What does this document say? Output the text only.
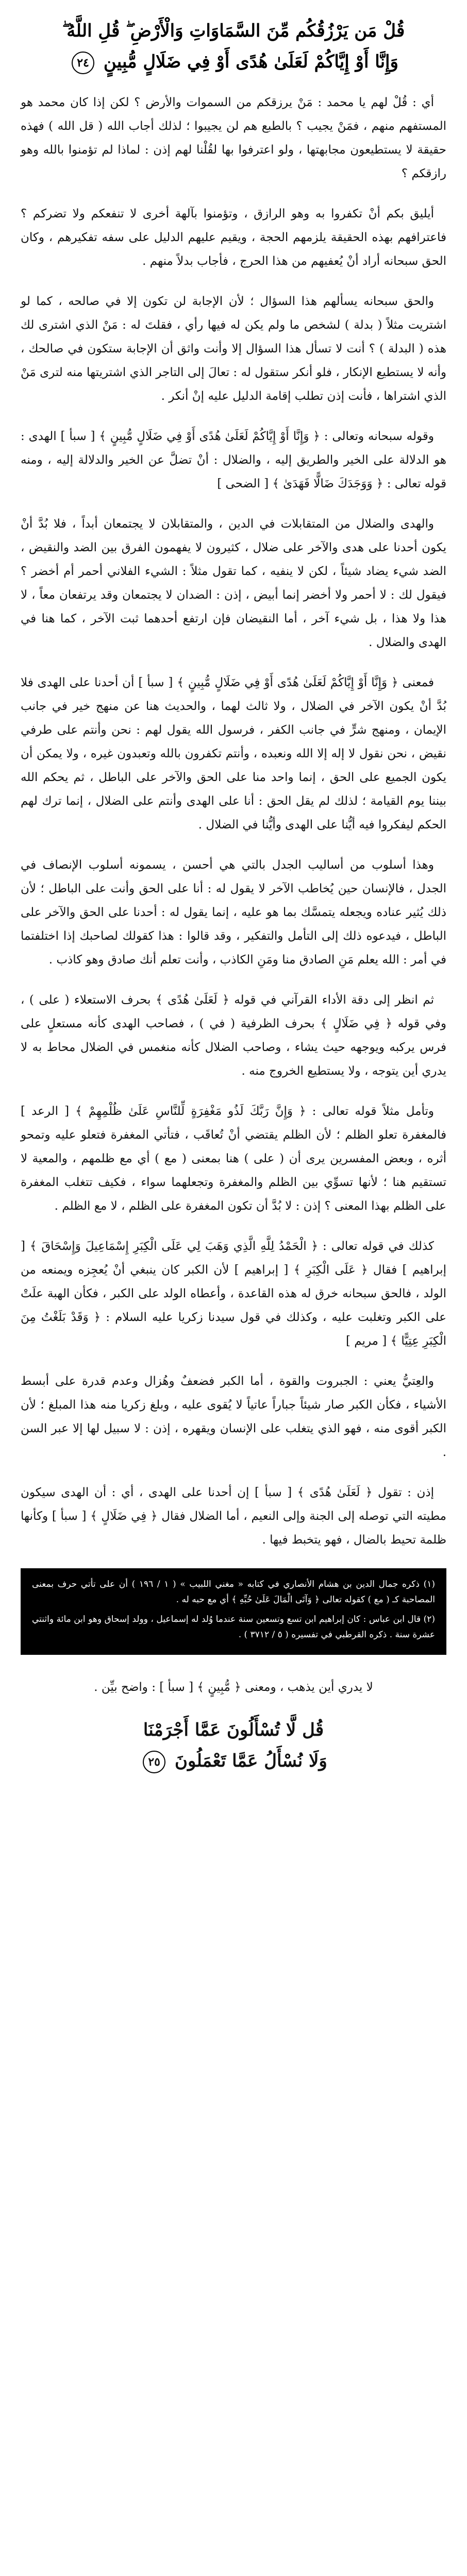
قُلْ مَن يَرْزُقُكُم مِّنَ السَّمَاوَاتِ وَالْأَرْضِ ۖ قُلِ اللَّهُ ۖ
وَإِنَّا أَوْ إِيَّاكُمْ لَعَلَىٰ هُدًى أَوْ فِي ضَلَالٍ مُّبِينٍ ٢٤

أي : قُلْ لهم يا محمد : مَنْ يرزقكم من السموات والأرض ؟ لكن إذا كان محمد هو المستفهم منهم ، فمَنْ يجيب ؟ بالطبع هم لن يجيبوا ؛ لذلك أجاب الله ( قل الله ) فهذه حقيقة لا يستطيعون مجابهتها ، ولو اعترفوا بها لقُلْنا لهم إذن : لماذا لم تؤمنوا بالله وهو رازقكم ؟

أيليق بكم أنْ تكفروا به وهو الرازق ، وتؤمنوا بآلهة أخرى لا تنفعكم ولا تضركم ؟ فاعترافهم بهذه الحقيقة يلزمهم الحجة ، ويقيم عليهم الدليل على سفه تفكيرهم ، وكان الحق سبحانه أراد أنْ يُعفيهم من هذا الحرج ، فأجاب بدلاً منهم .

والحق سبحانه يسألهم هذا السؤال ؛ لأن الإجابة لن تكون إلا في صالحه ، كما لو اشتريت مثلاً ( بدلة ) لشخص ما ولم يكن له فيها رأي ، فقلتَ له : مَنْ الذي اشترى لك هذه ( البدلة ) ؟ أنت لا تسأل هذا السؤال إلا وأنت واثق أن الإجابة ستكون في صالحك ، وأنه لا يستطيع الإنكار ، فلو أنكر ستقول له : تعالَ إلى التاجر الذي اشتريتها منه لترى مَنْ الذي اشتراها ، فأنت إذن تطلب إقامة الدليل عليه إنْ أنكر .

وقوله سبحانه وتعالى : ﴿ وَإِنَّا أَوْ إِيَّاكُمْ لَعَلَىٰ هُدًى أَوْ فِي ضَلَالٍ مُّبِينٍ ﴾ [ سبأ ] الهدى : هو الدلالة على الخير والطريق إليه ، والضلال : أنْ تضلَّ عن الخير والدلالة إليه ، ومنه قوله تعالى : ﴿ وَوَجَدَكَ ضَالًّا فَهَدَىٰ ﴾ [ الضحى ]

والهدى والضلال من المتقابلات في الدين ، والمتقابلان لا يجتمعان أبداً ، فلا بُدَّ أنْ يكون أحدنا على هدى والآخر على ضلال ، كثيرون لا يفهمون الفرق بين الضد والنقيض ، الضد شيء يضاد شيئاً ، لكن لا ينفيه ، كما تقول مثلاً : الشيء الفلاني أحمر أم أخضر ؟ فيقول لك : لا أحمر ولا أخضر إنما أبيض ، إذن : الضدان لا يجتمعان وقد يرتفعان معاً ، لا هذا ولا هذا ، بل شيء آخر ، أما النقيضان فإن ارتفع أحدهما ثبت الآخر ، كما هنا في الهدى والضلال .

فمعنى ﴿ وَإِنَّا أَوْ إِيَّاكُمْ لَعَلَىٰ هُدًى أَوْ فِي ضَلَالٍ مُّبِينٍ ﴾ [ سبأ ] أن أحدنا على الهدى فلا بُدَّ أنْ يكون الآخر في الضلال ، ولا ثالث لهما ، والحديث هنا عن منهج خير في جانب الإيمان ، ومنهج شرٍّ في جانب الكفر ، فرسول الله يقول لهم : نحن وأنتم على طرفي نقيض ، نحن نقول لا إله إلا الله ونعبده ، وأنتم تكفرون بالله وتعبدون غيره ، ولا يمكن أن يكون الجميع على الحق ، إنما واحد منا على الحق والآخر على الباطل ، ثم يحكم الله بيننا يوم القيامة ؛ لذلك لم يقل الحق : أنا على الهدى وأنتم على الضلال ، إنما ترك لهم الحكم ليفكروا فيه أيُّنا على الهدى وأيُّنا في الضلال .

وهذا أسلوب من أساليب الجدل بالتي هي أحسن ، يسمونه أسلوب الإنصاف في الجدل ، فالإنسان حين يُخاطب الآخر لا يقول له : أنا على الحق وأنت على الباطل ؛ لأن ذلك يُثير عناده ويجعله يتمسَّك بما هو عليه ، إنما يقول له : أحدنا على الحق والآخر على الباطل ، فيدعوه ذلك إلى التأمل والتفكير ، وقد قالوا : هذا كقولك لصاحبك إذا اختلفتما في أمر : الله يعلم مَنِ الصادق منا ومَنِ الكاذب ، وأنت تعلم أنك صادق وهو كاذب .

ثم انظر إلى دقة الأداء القرآني في قوله ﴿ لَعَلَىٰ هُدًى ﴾ بحرف الاستعلاء ( على ) ، وفي قوله ﴿ فِي ضَلَالٍ ﴾ بحرف الظرفية ( في ) ، فصاحب الهدى كأنه مستعلٍ على فرس يركبه ويوجهه حيث يشاء ، وصاحب الضلال كأنه منغمس في الضلال محاط به لا يدري أين يتوجه ، ولا يستطيع الخروج منه .

وتأمل مثلاً قوله تعالى : ﴿ وَإِنَّ رَبَّكَ لَذُو مَغْفِرَةٍ لِّلنَّاسِ عَلَىٰ ظُلْمِهِمْ ﴾ [ الرعد ] فالمغفرة تعلو الظلم ؛ لأن الظلم يقتضي أنْ تُعاقَب ، فتأتي المغفرة فتعلو عليه وتمحو أثره ، وبعض المفسرين يرى أن ( على ) هنا بمعنى ( مع ) أي مع ظلمهم ، والمعية لا تستقيم هنا ؛ لأنها تسوِّي بين الظلم والمغفرة وتجعلهما سواء ، فكيف تتغلب المغفرة على الظلم بهذا المعنى ؟ إذن : لا بُدَّ أن تكون المغفرة على الظلم ، لا مع الظلم .

كذلك في قوله تعالى : ﴿ الْحَمْدُ لِلَّهِ الَّذِي وَهَبَ لِي عَلَى الْكِبَرِ إِسْمَاعِيلَ وَإِسْحَاقَ ﴾ [ إبراهيم ] فقال ﴿ عَلَى الْكِبَرِ ﴾ [ إبراهيم ] لأن الكبر كان ينبغي أنْ يُعجِزه ويمنعه من الولد ، فالحق سبحانه خرق له هذه القاعدة ، وأعطاه الولد على الكبر ، فكأن الهبة علَتْ على الكبر وتغلبت عليه ، وكذلك في قول سيدنا زكريا عليه السلام : ﴿ وَقَدْ بَلَغْتُ مِنَ الْكِبَرِ عِتِيًّا ﴾ [ مريم ]

والعِتيُّ يعني : الجبروت والقوة ، أما الكبر فضعفٌ وهُزال وعدم قدرة على أبسط الأشياء ، فكأن الكبر صار شيئاً جباراً عاتياً لا يُقوى عليه ، وبلغ زكريا منه هذا المبلغ ؛ لأن الكبر أقوى منه ، فهو الذي يتغلب على الإنسان ويقهره ، إذن : لا سبيل لها إلا عبر السن .

إذن : تقول ﴿ لَعَلَىٰ هُدًى ﴾ [ سبأ ] إن أحدنا على الهدى ، أي : أن الهدى سيكون مطيته التي توصله إلى الجنة وإلى النعيم ، أما الضلال فقال ﴿ فِي ضَلَالٍ ﴾ [ سبأ ] وكأنها ظلمة تحيط بالضال ، فهو يتخبط فيها .

(١) ذكره جمال الدين بن هشام الأنصاري في كتابه « مغني اللبيب » ( ١ / ١٩٦ ) أن على تأتي حرف بمعنى المصاحبة كـ ( مع ) كقوله تعالى ﴿ وَآتَى الْمَالَ عَلَىٰ حُبِّهِ ﴾ أي مع حبه له .

(٢) قال ابن عباس : كان إبراهيم ابن تسع وتسعين سنة عندما وُلد له إسماعيل ، وولد إسحاق وهو ابن مائة واثنتي عشرة سنة . ذكره القرطبي في تفسيره ( ٥ / ٣٧١٢ ) .

لا يدري أين يذهب ، ومعنى ﴿ مُّبِينٍ ﴾ [ سبأ ] : واضح بيِّن .

قُل لَّا تُسْأَلُونَ عَمَّا أَجْرَمْنَا
وَلَا نُسْأَلُ عَمَّا تَعْمَلُونَ ٢٥
